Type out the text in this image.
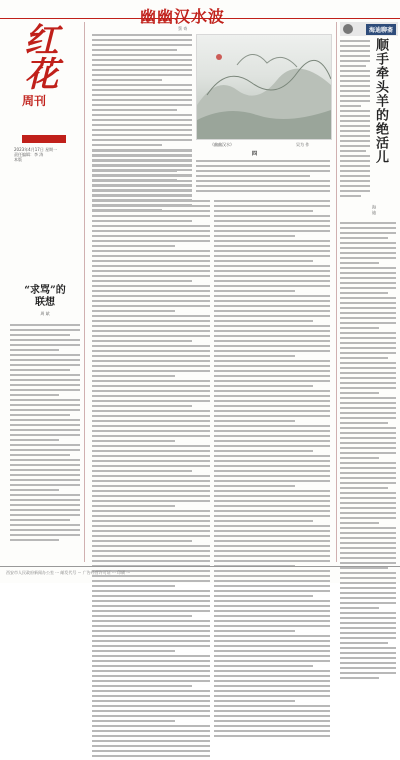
红花
周刊
2023年4月17日 星期一
责任编辑：李 涛
本版
“求骂”的
联想
周 斌
幽幽汉水波
蔡 奇
《幽幽汉水》	吴为 作
四
海迪聊斋
顺手牵头羊的绝活儿
海 迪
西安市人民政府新闻办公室 ··· 邮发代号 ··· 广告经营许可证 ··· 印刷 ···
